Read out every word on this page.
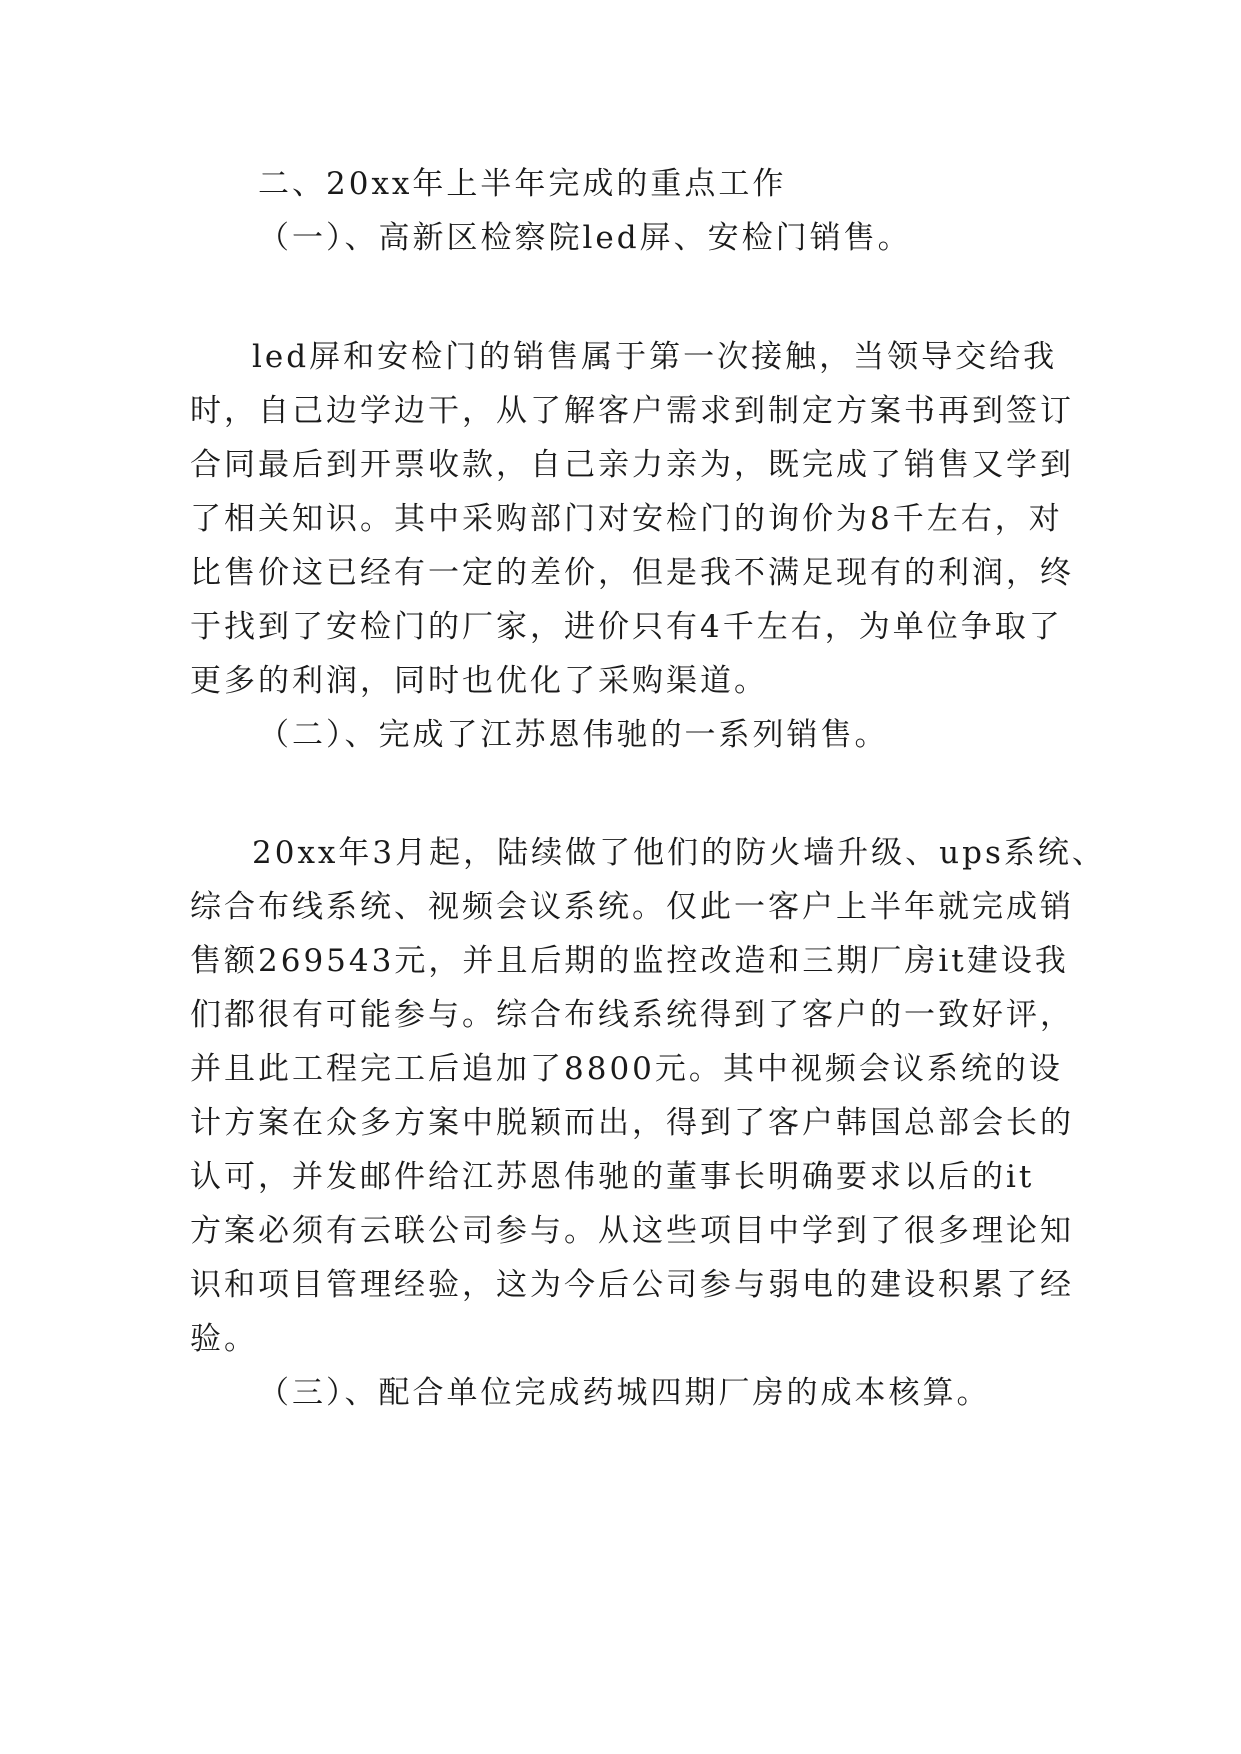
二、20xx年上半年完成的重点工作
（一）、高新区检察院led屏、安检门销售。
led屏和安检门的销售属于第一次接触，当领导交给我
时，自己边学边干，从了解客户需求到制定方案书再到签订
合同最后到开票收款，自己亲力亲为，既完成了销售又学到
了相关知识。其中采购部门对安检门的询价为8千左右，对
比售价这已经有一定的差价，但是我不满足现有的利润，终
于找到了安检门的厂家，进价只有4千左右，为单位争取了
更多的利润，同时也优化了采购渠道。
（二）、完成了江苏恩伟驰的一系列销售。
20xx年3月起，陆续做了他们的防火墙升级、ups系统、
综合布线系统、视频会议系统。仅此一客户上半年就完成销
售额269543元，并且后期的监控改造和三期厂房it建设我
们都很有可能参与。综合布线系统得到了客户的一致好评，
并且此工程完工后追加了8800元。其中视频会议系统的设
计方案在众多方案中脱颖而出，得到了客户韩国总部会长的
认可，并发邮件给江苏恩伟驰的董事长明确要求以后的it
方案必须有云联公司参与。从这些项目中学到了很多理论知
识和项目管理经验，这为今后公司参与弱电的建设积累了经
验。
（三）、配合单位完成药城四期厂房的成本核算。
